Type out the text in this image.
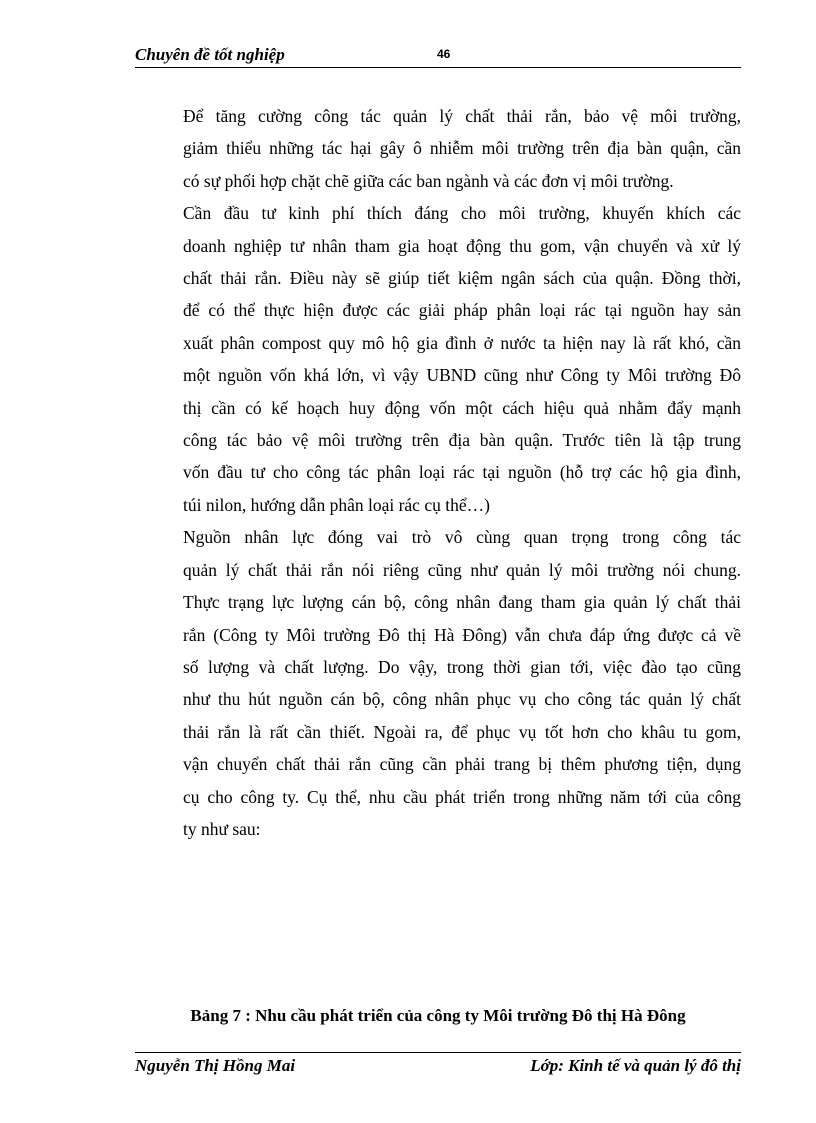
Chuyên đề tốt nghiệp	46

Để tăng cường công tác quản lý chất thải rắn, bảo vệ môi trường,
giảm thiểu những tác hại gây ô nhiễm môi trường trên địa bàn quận, cần
có sự phối hợp chặt chẽ giữa các ban ngành và các đơn vị môi trường.

Cần đầu tư kinh phí thích đáng cho môi trường, khuyến khích các
doanh nghiệp tư nhân tham gia hoạt động thu gom, vận chuyển và xử lý
chất thải rắn. Điều này sẽ giúp tiết kiệm ngân sách của quận. Đồng thời,
để có thể thực hiện được các giải pháp phân loại rác tại nguồn hay sản
xuất phân compost quy mô hộ gia đình ở nước ta hiện nay là rất khó, cần
một nguồn vốn khá lớn, vì vậy UBND cũng như Công ty Môi trường Đô
thị cần có kế hoạch huy động vốn một cách hiệu quả nhằm đẩy mạnh
công tác bảo vệ môi trường trên địa bàn quận. Trước tiên là tập trung
vốn đầu tư cho công tác phân loại rác tại nguồn (hỗ trợ các hộ gia đình,
túi nilon, hướng dẫn phân loại rác cụ thể…)

Nguồn nhân lực đóng vai trò vô cùng quan trọng trong công tác
quản lý chất thải rắn nói riêng cũng như quản lý môi trường nói chung.
Thực trạng lực lượng cán bộ, công nhân đang tham gia quản lý chất thải
rắn (Công ty Môi trường Đô thị Hà Đông) vẫn chưa đáp ứng được cả về
số lượng và chất lượng. Do vậy, trong thời gian tới, việc đào tạo cũng
như thu hút nguồn cán bộ, công nhân phục vụ cho công tác quản lý chất
thải rắn là rất cần thiết. Ngoài ra, để phục vụ tốt hơn cho khâu tu gom,
vận chuyển chất thải rắn cũng cần phải trang bị thêm phương tiện, dụng
cụ cho công ty. Cụ thể, nhu cầu phát triển trong những năm tới của công
ty như sau:

Bảng 7 : Nhu cầu phát triển của công ty Môi trường Đô thị Hà Đông
Nguyễn Thị Hồng Mai	Lớp: Kinh tế và quản lý đô thị
